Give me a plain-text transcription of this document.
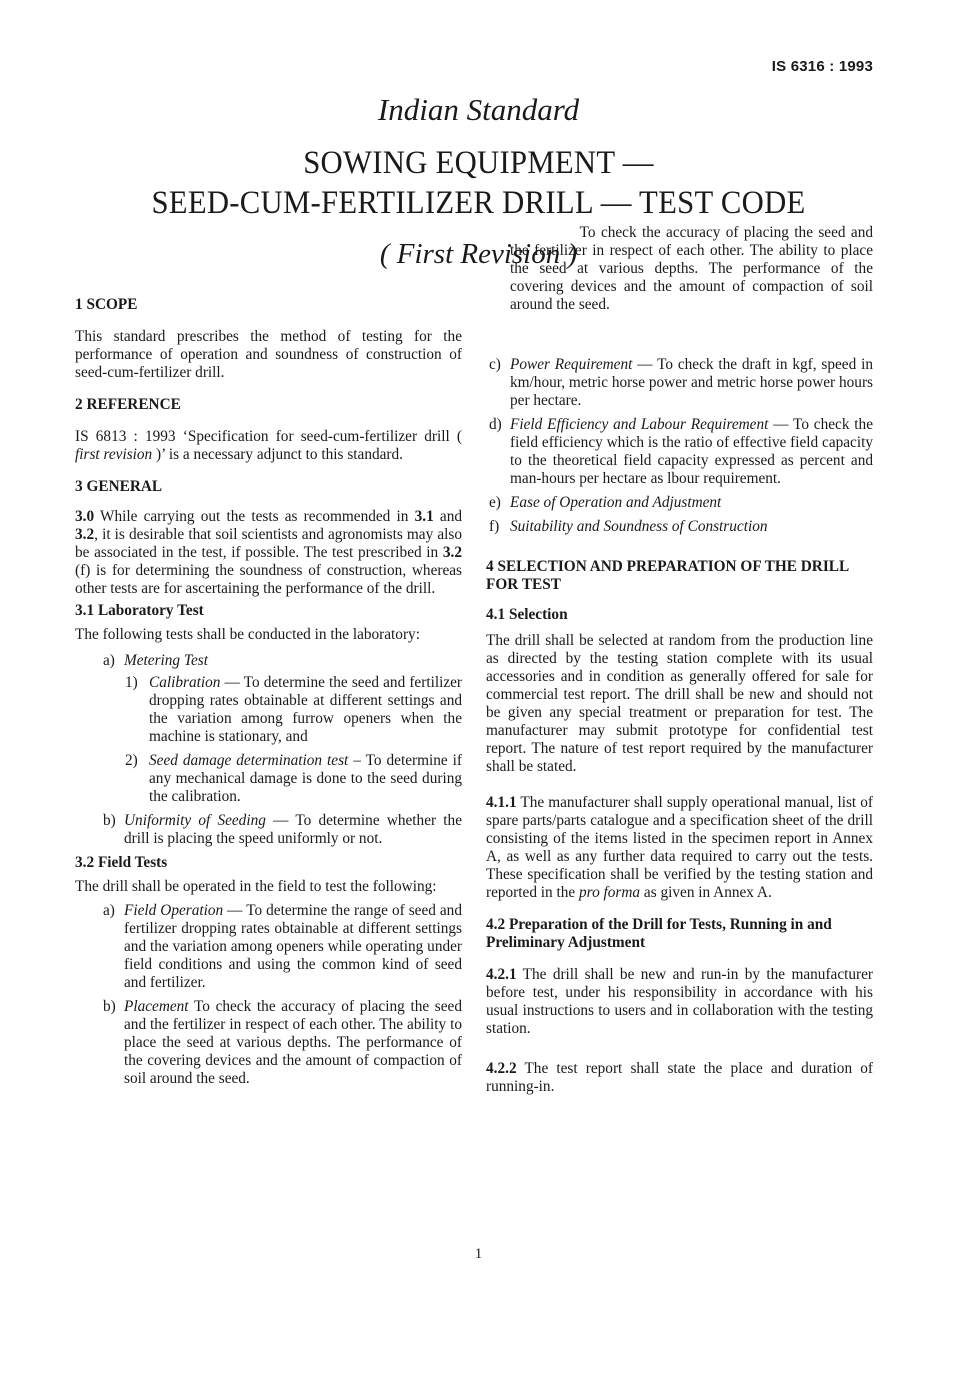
IS 6316 : 1993
Indian Standard
SOWING EQUIPMENT —
SEED-CUM-FERTILIZER DRILL — TEST CODE
( First Revision )
1 SCOPE

This standard prescribes the method of testing for the performance of operation and soundness of construction of seed-cum-fertilizer drill.

2 REFERENCE

IS 6813 : 1993 ‘Specification for seed-cum-fertilizer drill ( first revision )’ is a necessary adjunct to this standard.

3 GENERAL

3.0 While carrying out the tests as recommended in 3.1 and 3.2, it is desirable that soil scientists and agronomists may also be associated in the test, if possible. The test prescribed in 3.2 (f) is for determining the soundness of construction, whereas other tests are for ascertaining the performance of the drill.

3.1 Laboratory Test

The following tests shall be conducted in the laboratory:

a) Metering Test
1) Calibration — To determine the seed and fertilizer dropping rates obtainable at different settings and the variation among furrow openers when the machine is stationary, and
2) Seed damage determination test – To determine if any mechanical damage is done to the seed during the calibration.
b) Uniformity of Seeding — To determine whether the drill is placing the speed uniformly or not.
3.2 Field Tests

The drill shall be operated in the field to test the following:

a) Field Operation — To determine the range of seed and fertilizer dropping rates obtainable at different settings and the variation among openers while operating under field conditions and using the common kind of seed and fertilizer.
b) Placement To check the accuracy of placing the seed and the fertilizer in respect of each other. The ability to place the seed at various depths. The performance of the covering devices and the amount of compaction of soil around the seed.
To check the accuracy of placing the seed and the fertilizer in respect of each other. The ability to place the seed at various depths. The performance of the covering devices and the amount of compaction of soil around the seed.
c) Power Requirement — To check the draft in kgf, speed in km/hour, metric horse power and metric horse power hours per hectare.
d) Field Efficiency and Labour Requirement — To check the field efficiency which is the ratio of effective field capacity to the theoretical field capacity expressed as percent and man-hours per hectare as lbour requirement.
e) Ease of Operation and Adjustment
f) Suitability and Soundness of Construction
4 SELECTION AND PREPARATION OF THE DRILL FOR TEST
4.1 Selection

The drill shall be selected at random from the production line as directed by the testing station complete with its usual accessories and in condition as generally offered for sale for commercial test report. The drill shall be new and should not be given any special treatment or preparation for test. The manufacturer may submit prototype for confidential test report. The nature of test report required by the manufacturer shall be stated.

4.1.1 The manufacturer shall supply operational manual, list of spare parts/parts catalogue and a specification sheet of the drill consisting of the items listed in the specimen report in Annex A, as well as any further data required to carry out the tests. These specification shall be verified by the testing station and reported in the pro forma as given in Annex A.

4.2 Preparation of the Drill for Tests, Running in and Preliminary Adjustment

4.2.1 The drill shall be new and run-in by the manufacturer before test, under his responsibility in accordance with his usual instructions to users and in collaboration with the testing station.

4.2.2 The test report shall state the place and duration of running-in.

1
